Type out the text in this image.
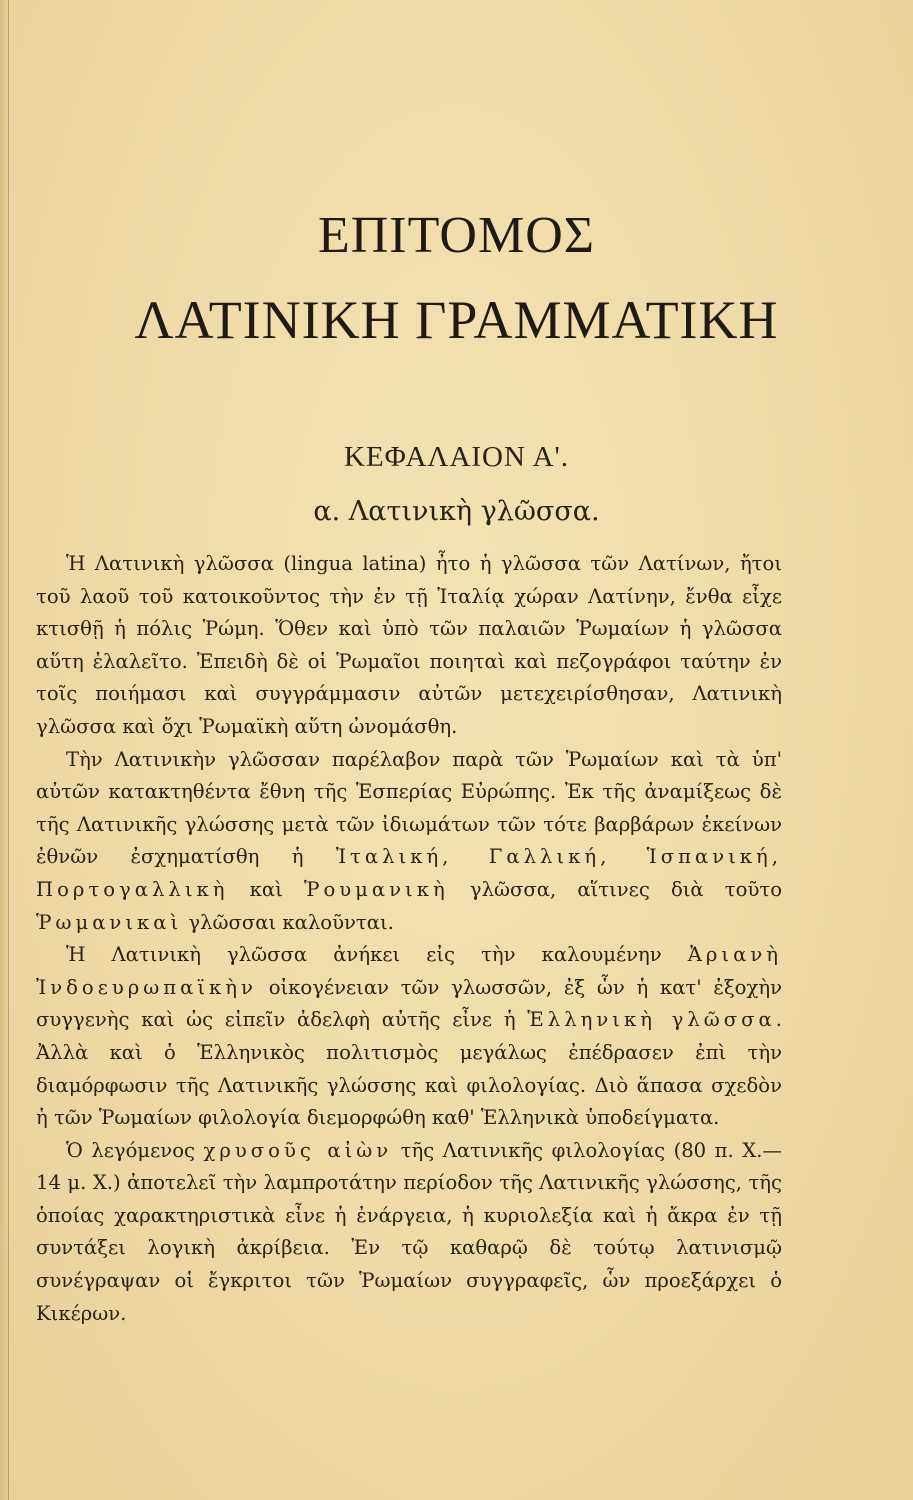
ΕΠΙΤΟΜΟΣ
ΛΑΤΙΝΙΚΗ ΓΡΑΜΜΑΤΙΚΗ
ΚΕΦΑΛΑΙΟΝ Α'.
α. Λατινικὴ γλῶσσα.

Ἡ Λατινικὴ γλῶσσα (lingua latina) ἦτο ἡ γλῶσσα τῶν Λατίνων, ἤτοι τοῦ λαοῦ τοῦ κατοικοῦντος τὴν ἐν τῇ Ἰταλίᾳ χώραν Λατίνην, ἔνθα εἶχε κτισθῇ ἡ πόλις Ῥώμη. Ὅθεν καὶ ὑπὸ τῶν παλαιῶν Ῥωμαίων ἡ γλῶσσα αὕτη ἐλαλεῖτο. Ἐπειδὴ δὲ οἱ Ῥωμαῖοι ποιηταὶ καὶ πεζογράφοι ταύτην ἐν τοῖς ποιήμασι καὶ συγγράμμασιν αὐτῶν μετεχειρίσθησαν, Λατινικὴ γλῶσσα καὶ ὄχι Ῥωμαϊκὴ αὕτη ὠνομάσθη.

Τὴν Λατινικὴν γλῶσσαν παρέλαβον παρὰ τῶν Ῥωμαίων καὶ τὰ ὑπ' αὐτῶν κατακτηθέντα ἔθνη τῆς Ἑσπερίας Εὐρώπης. Ἐκ τῆς ἀναμίξεως δὲ τῆς Λατινικῆς γλώσσης μετὰ τῶν ἰδιωμάτων τῶν τότε βαρβάρων ἐκείνων ἐθνῶν ἐσχηματίσθη ἡ Ἰταλική, Γαλλική, Ἱσπανική, Πορτογαλλικὴ καὶ Ῥουμανικὴ γλῶσσα, αἵτινες διὰ τοῦτο Ῥωμανικαὶ γλῶσσαι καλοῦνται.

Ἡ Λατινικὴ γλῶσσα ἀνήκει εἰς τὴν καλουμένην Ἀριανὴ Ἰνδοευρωπαϊκὴν οἰκογένειαν τῶν γλωσσῶν, ἐξ ὧν ἡ κατ' ἐξοχὴν συγγενὴς καὶ ὡς εἰπεῖν ἀδελφὴ αὐτῆς εἶνε ἡ Ἑλληνικὴ γλῶσσα. Ἀλλὰ καὶ ὁ Ἑλληνικὸς πολιτισμὸς μεγάλως ἐπέδρασεν ἐπὶ τὴν διαμόρφωσιν τῆς Λατινικῆς γλώσσης καὶ φιλολογίας. Διὸ ἅπασα σχεδὸν ἡ τῶν Ῥωμαίων φιλολογία διεμορφώθη καθ' Ἑλληνικὰ ὑποδείγματα.

Ὁ λεγόμενος χρυσοῦς αἰὼν τῆς Λατινικῆς φιλολογίας (80 π. Χ.—14 μ. Χ.) ἀποτελεῖ τὴν λαμπροτάτην περίοδον τῆς Λατινικῆς γλώσσης, τῆς ὁποίας χαρακτηριστικὰ εἶνε ἡ ἐνάργεια, ἡ κυριολεξία καὶ ἡ ἄκρα ἐν τῇ συντάξει λογικὴ ἀκρίβεια. Ἐν τῷ καθαρῷ δὲ τούτῳ λατινισμῷ συνέγραψαν οἱ ἔγκριτοι τῶν Ῥωμαίων συγγραφεῖς, ὧν προεξάρχει ὁ Κικέρων.
